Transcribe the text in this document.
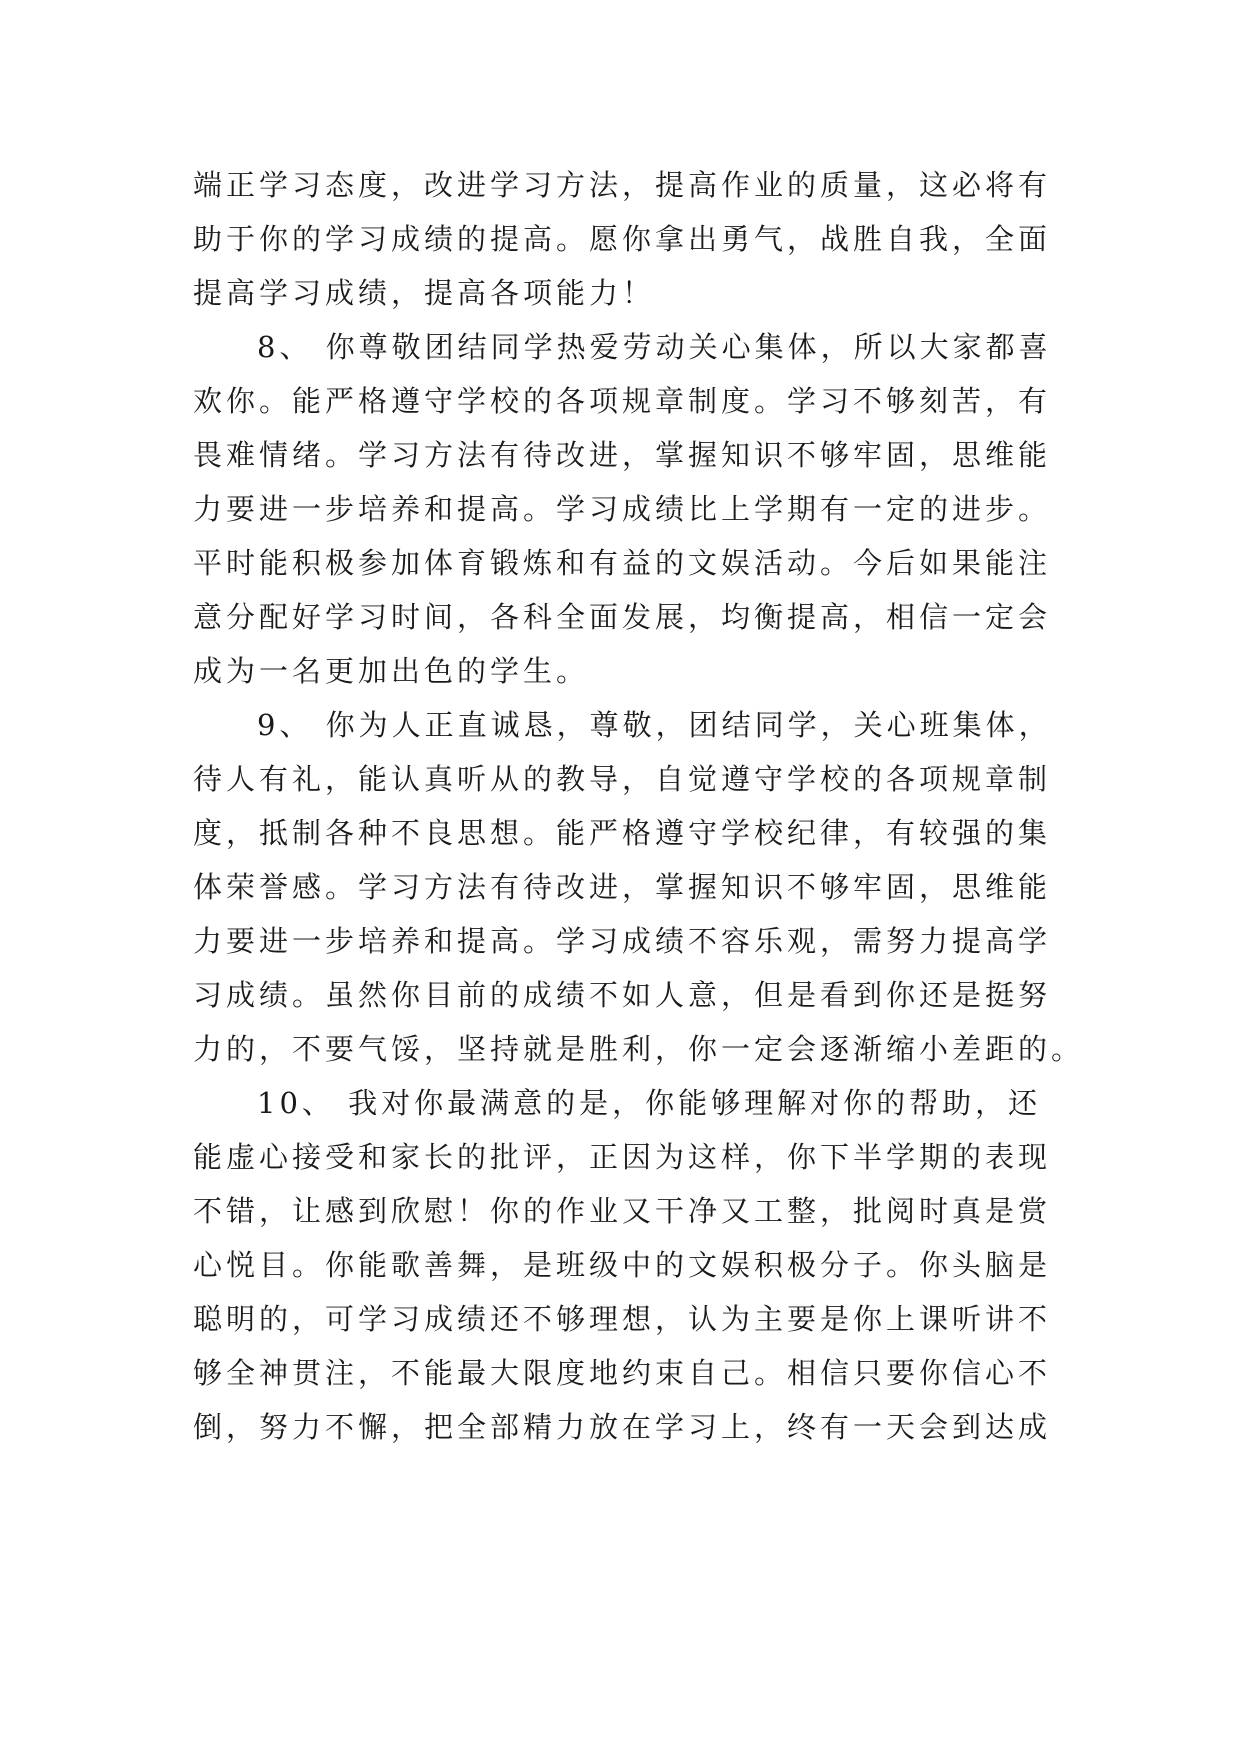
端正学习态度，改进学习方法，提高作业的质量，这必将有
助于你的学习成绩的提高。愿你拿出勇气，战胜自我，全面
提高学习成绩，提高各项能力！
8、 你尊敬团结同学热爱劳动关心集体，所以大家都喜
欢你。能严格遵守学校的各项规章制度。学习不够刻苦，有
畏难情绪。学习方法有待改进，掌握知识不够牢固，思维能
力要进一步培养和提高。学习成绩比上学期有一定的进步。
平时能积极参加体育锻炼和有益的文娱活动。今后如果能注
意分配好学习时间，各科全面发展，均衡提高，相信一定会
成为一名更加出色的学生。
9、 你为人正直诚恳，尊敬，团结同学，关心班集体，
待人有礼，能认真听从的教导，自觉遵守学校的各项规章制
度，抵制各种不良思想。能严格遵守学校纪律，有较强的集
体荣誉感。学习方法有待改进，掌握知识不够牢固，思维能
力要进一步培养和提高。学习成绩不容乐观，需努力提高学
习成绩。虽然你目前的成绩不如人意，但是看到你还是挺努
力的，不要气馁，坚持就是胜利，你一定会逐渐缩小差距的。
10、 我对你最满意的是，你能够理解对你的帮助，还
能虚心接受和家长的批评，正因为这样，你下半学期的表现
不错，让感到欣慰！你的作业又干净又工整，批阅时真是赏
心悦目。你能歌善舞，是班级中的文娱积极分子。你头脑是
聪明的，可学习成绩还不够理想，认为主要是你上课听讲不
够全神贯注，不能最大限度地约束自己。相信只要你信心不
倒，努力不懈，把全部精力放在学习上，终有一天会到达成
